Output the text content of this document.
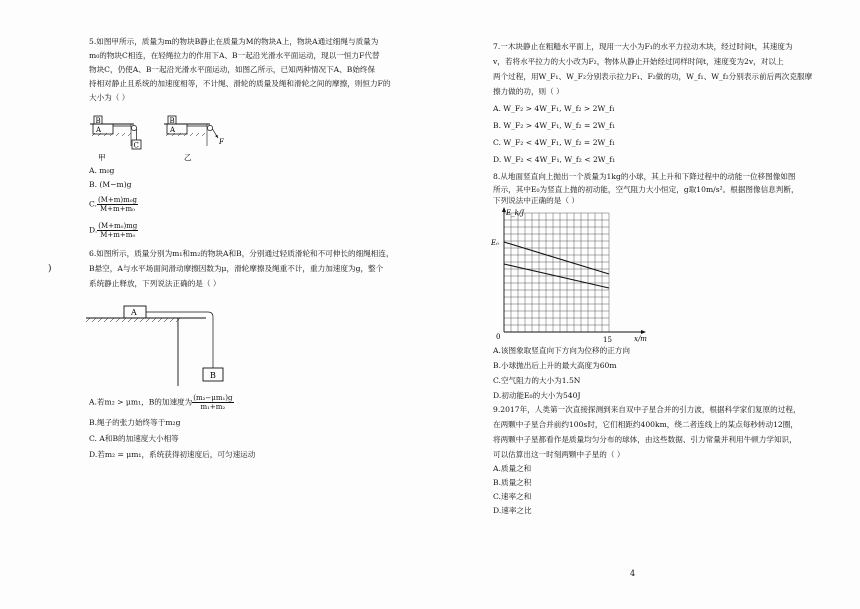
5.如图甲所示，质量为m的物块B静止在质量为M的物块A上，物块A通过细绳与质量为
m₀的物块C相连，在轻绳拉力的作用下A、B一起沿光滑水平面运动，现以一恒力F代替
物块C，仍使A、B一起沿光滑水平面运动，如图乙所示，已知两种情况下A、B始终保
持相对静止且系统的加速度相等，不计绳、滑轮的质量及绳和滑轮之间的摩擦，则恒力F的
大小为（ ）
B
A
C
甲
B
A
F
乙
A. m₀g
B. (M−m)g
C. $\frac{\text{(M+m)m₀g}}{\text{M+m+m₀}}$
D. $\frac{\text{(M+m₀)mg}}{\text{M+m+m₀}}$
6.如图所示，质量分别为m₁和m₂的物块A和B，分别通过轻质滑轮和不可伸长的细绳相连，
B悬空，A与水平场面间滑动摩擦因数为μ，滑轮摩擦及绳重不计，重力加速度为g，整个
系统静止释放，下列说法正确的是（ ）
A
B
A.若m₂ > μm₁，B的加速度为 $\frac{\text{(m₂−μm₁)g}}{\text{m₁+m₂}}$
B.绳子的张力始终等于m₂g
C. A和B的加速度大小相等
D.若m₂ = μm₁，系统获得初速度后，可匀速运动
)
7.一木块静止在粗糙水平面上，现用一大小为F₁的水平力拉动木块，经过时间t，其速度为
v，若将水平拉力的大小改为F₂，物体从静止开始经过同样时间t，速度变为2v，对以上
两个过程，用W_F₁、W_F₂分别表示拉力F₁、F₂做的功，W_f₁、W_f₂分别表示前后两次克服摩
擦力做的功，则（ ）
A. W_F₂ > 4W_F₁, W_f₂ > 2W_f₁
B. W_F₂ > 4W_F₁, W_f₂ = 2W_f₁
C. W_F₂ < 4W_F₁, W_f₂ = 2W_f₁
D. W_F₂ < 4W_F₁, W_f₂ < 2W_f₁
8.从地面竖直向上抛出一个质量为1kg的小球，其上升和下降过程中的动能一位移图像如图
所示，其中E₀为竖直上抛的初动能，空气阻力大小恒定，g取10m/s²。根据图像信息判断，
下列说法中正确的是（ ）
E_k/J
x/m
E₀
0	15
A.该图象取竖直向下方向为位移的正方向
B.小球抛出后上升的最大高度为60m
C.空气阻力的大小为1.5N
D.初动能E₀的大小为540J
9.2017年，人类第一次直接探测到来自双中子星合并的引力波，根据科学家们复原的过程，
在两颗中子星合并前约100s时，它们相距约400km，绕二者连线上的某点每秒转动12圈，
将两颗中子星都看作是质量均匀分布的球体，由这些数据、引力常量并利用牛顿力学知识，
可以估算出这一时刻两颗中子星的（ ）
A.质量之和
B.质量之积
C.速率之和
D.速率之比
4
